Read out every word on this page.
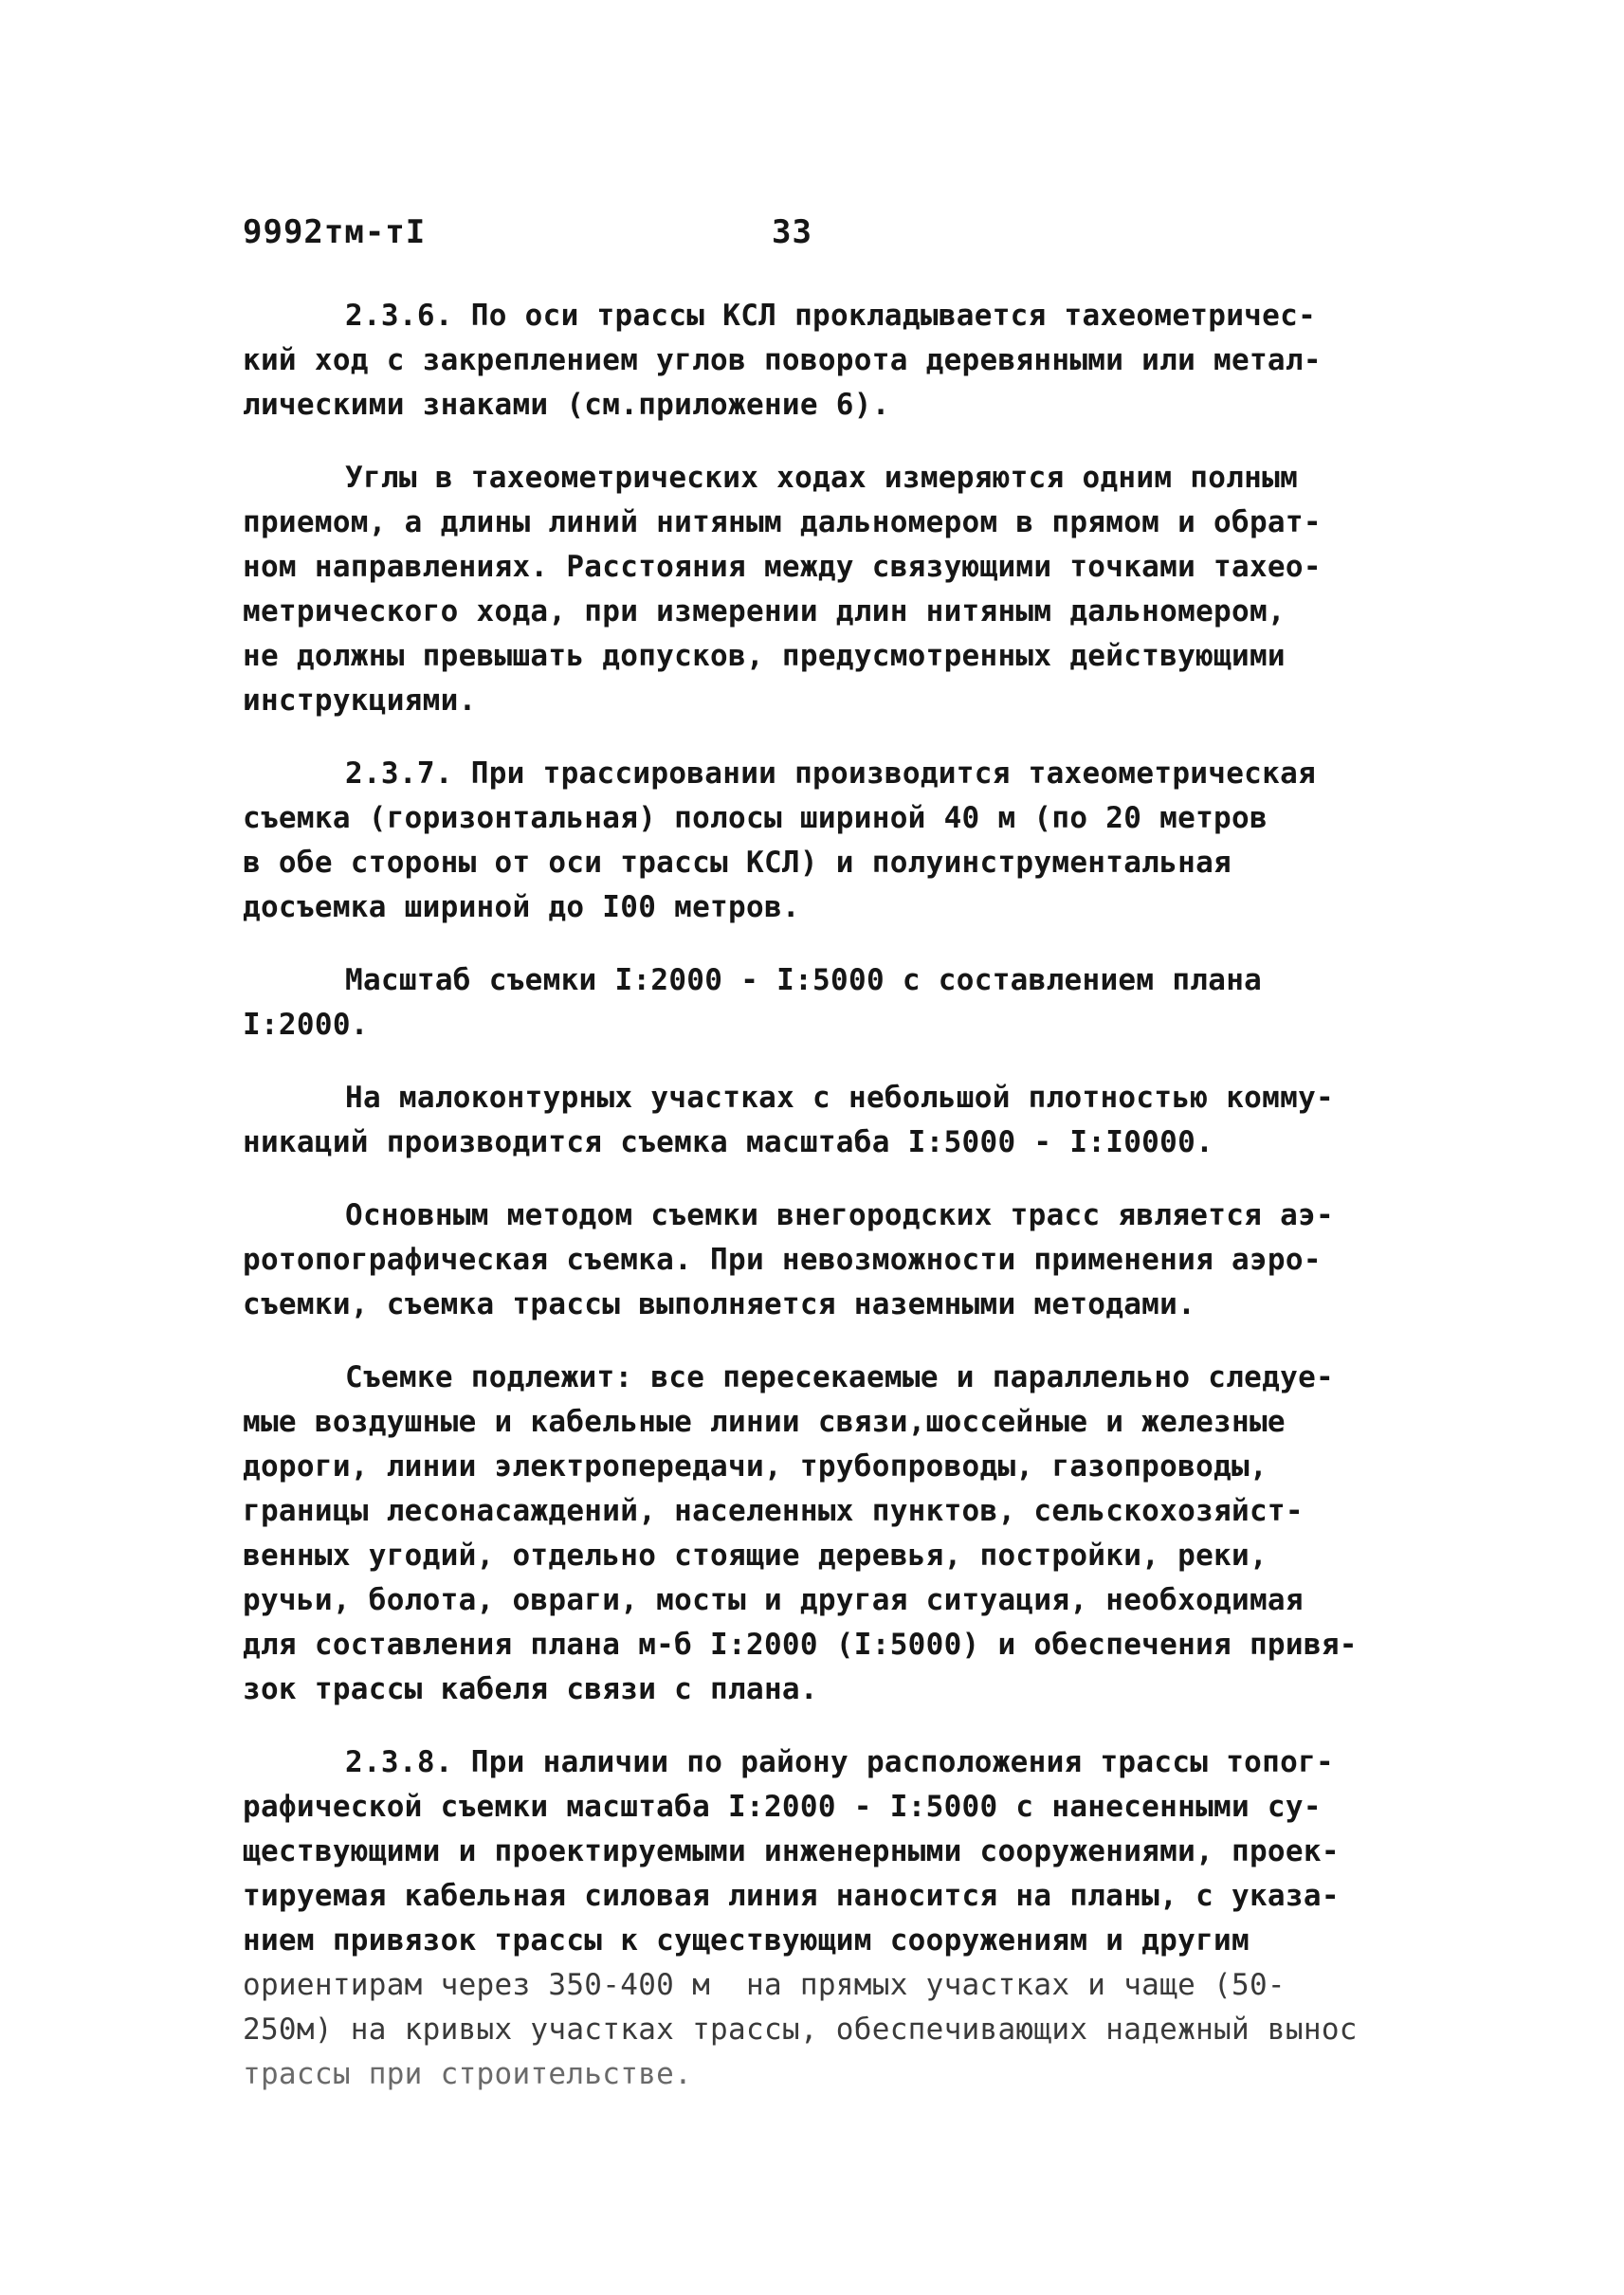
9992тм-тI	33
2.3.6. По оси трассы КСЛ прокладывается тахеометричес-
кий ход с закреплением углов поворота деревянными или метал-
лическими знаками (см.приложение 6).
Углы в тахеометрических ходах измеряются одним полным
приемом, а длины линий нитяным дальномером в прямом и обрат-
ном направлениях. Расстояния между связующими точками тахео-
метрического хода, при измерении длин нитяным дальномером,
не должны превышать допусков, предусмотренных действующими
инструкциями.
2.3.7. При трассировании производится тахеометрическая
съемка (горизонтальная) полосы шириной 40 м (по 20 метров
в обе стороны от оси трассы КСЛ) и полуинструментальная
досъемка шириной до I00 метров.
Масштаб съемки I:2000 - I:5000 с составлением плана
I:2000.
На малоконтурных участках с небольшой плотностью комму-
никаций производится съемка масштаба I:5000 - I:I0000.
Основным методом съемки внегородских трасс является аэ-
ротопографическая съемка. При невозможности применения аэро-
съемки, съемка трассы выполняется наземными методами.
Съемке подлежит: все пересекаемые и параллельно следуе-
мые воздушные и кабельные линии связи,шоссейные и железные
дороги, линии электропередачи, трубопроводы, газопроводы,
границы лесонасаждений, населенных пунктов, сельскохозяйст-
венных угодий, отдельно стоящие деревья, постройки, реки,
ручьи, болота, овраги, мосты и другая ситуация, необходимая
для составления плана м-б I:2000 (I:5000) и обеспечения привя-
зок трассы кабеля связи с плана.
2.3.8. При наличии по району расположения трассы топог-
рафической съемки масштаба I:2000 - I:5000 с нанесенными су-
ществующими и проектируемыми инженерными сооружениями, проек-
тируемая кабельная силовая линия наносится на планы, с указа-
нием привязок трассы к существующим сооружениям и другим
ориентирам через 350-400 м  на прямых участках и чаще (50-
250м) на кривых участках трассы, обеспечивающих надежный вынос
трассы при строительстве.
